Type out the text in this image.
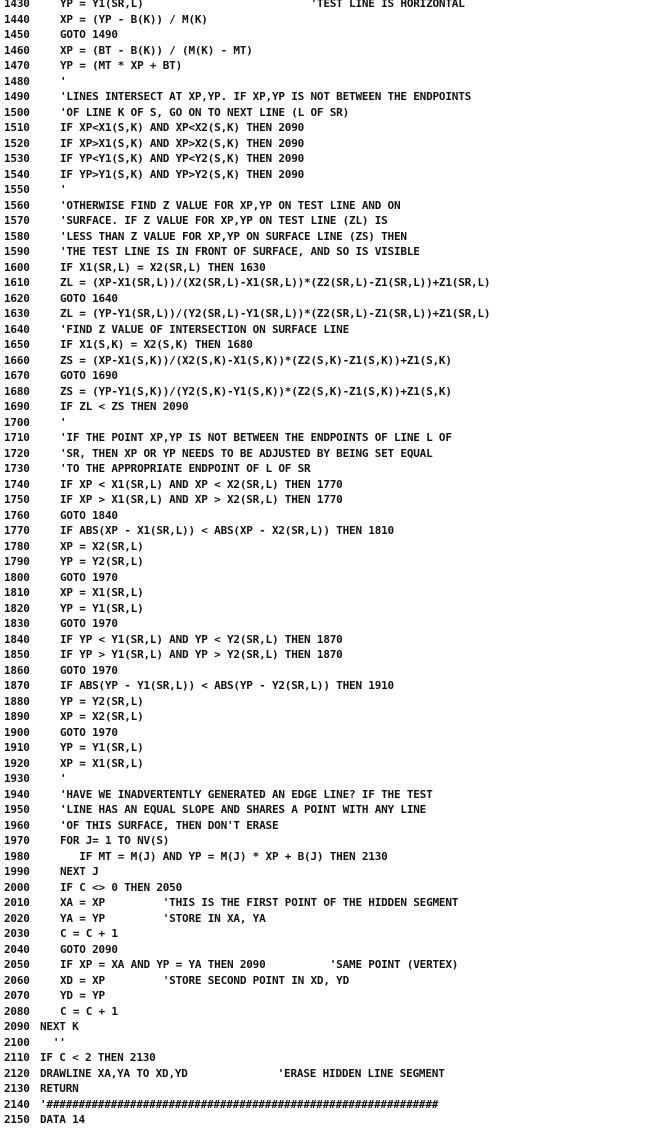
1430	YP = Y1(SR,L)                          'TEST LINE IS HORIZONTAL
1440	XP = (YP - B(K)) / M(K)
1450	GOTO 1490
1460	XP = (BT - B(K)) / (M(K) - MT)
1470	YP = (MT * XP + BT)
1480	'
1490	'LINES INTERSECT AT XP,YP. IF XP,YP IS NOT BETWEEN THE ENDPOINTS
1500	'OF LINE K OF S, GO ON TO NEXT LINE (L OF SR)
1510	IF XP<X1(S,K) AND XP<X2(S,K) THEN 2090
1520	IF XP>X1(S,K) AND XP>X2(S,K) THEN 2090
1530	IF YP<Y1(S,K) AND YP<Y2(S,K) THEN 2090
1540	IF YP>Y1(S,K) AND YP>Y2(S,K) THEN 2090
1550	'
1560	'OTHERWISE FIND Z VALUE FOR XP,YP ON TEST LINE AND ON
1570	'SURFACE. IF Z VALUE FOR XP,YP ON TEST LINE (ZL) IS
1580	'LESS THAN Z VALUE FOR XP,YP ON SURFACE LINE (ZS) THEN
1590	'THE TEST LINE IS IN FRONT OF SURFACE, AND SO IS VISIBLE
1600	IF X1(SR,L) = X2(SR,L) THEN 1630
1610	ZL = (XP-X1(SR,L))/(X2(SR,L)-X1(SR,L))*(Z2(SR,L)-Z1(SR,L))+Z1(SR,L)
1620	GOTO 1640
1630	ZL = (YP-Y1(SR,L))/(Y2(SR,L)-Y1(SR,L))*(Z2(SR,L)-Z1(SR,L))+Z1(SR,L)
1640	'FIND Z VALUE OF INTERSECTION ON SURFACE LINE
1650	IF X1(S,K) = X2(S,K) THEN 1680
1660	ZS = (XP-X1(S,K))/(X2(S,K)-X1(S,K))*(Z2(S,K)-Z1(S,K))+Z1(S,K)
1670	GOTO 1690
1680	ZS = (YP-Y1(S,K))/(Y2(S,K)-Y1(S,K))*(Z2(S,K)-Z1(S,K))+Z1(S,K)
1690	IF ZL < ZS THEN 2090
1700	'
1710	'IF THE POINT XP,YP IS NOT BETWEEN THE ENDPOINTS OF LINE L OF
1720	'SR, THEN XP OR YP NEEDS TO BE ADJUSTED BY BEING SET EQUAL
1730	'TO THE APPROPRIATE ENDPOINT OF L OF SR
1740	IF XP < X1(SR,L) AND XP < X2(SR,L) THEN 1770
1750	IF XP > X1(SR,L) AND XP > X2(SR,L) THEN 1770
1760	GOTO 1840
1770	IF ABS(XP - X1(SR,L)) < ABS(XP - X2(SR,L)) THEN 1810
1780	XP = X2(SR,L)
1790	YP = Y2(SR,L)
1800	GOTO 1970
1810	XP = X1(SR,L)
1820	YP = Y1(SR,L)
1830	GOTO 1970
1840	IF YP < Y1(SR,L) AND YP < Y2(SR,L) THEN 1870
1850	IF YP > Y1(SR,L) AND YP > Y2(SR,L) THEN 1870
1860	GOTO 1970
1870	IF ABS(YP - Y1(SR,L)) < ABS(YP - Y2(SR,L)) THEN 1910
1880	YP = Y2(SR,L)
1890	XP = X2(SR,L)
1900	GOTO 1970
1910	YP = Y1(SR,L)
1920	XP = X1(SR,L)
1930	'
1940	'HAVE WE INADVERTENTLY GENERATED AN EDGE LINE? IF THE TEST
1950	'LINE HAS AN EQUAL SLOPE AND SHARES A POINT WITH ANY LINE
1960	'OF THIS SURFACE, THEN DON'T ERASE
1970	FOR J= 1 TO NV(S)
1980	IF MT = M(J) AND YP = M(J) * XP + B(J) THEN 2130
1990	NEXT J
2000	IF C <> 0 THEN 2050
2010	XA = XP         'THIS IS THE FIRST POINT OF THE HIDDEN SEGMENT
2020	YA = YP         'STORE IN XA, YA
2030	C = C + 1
2040	GOTO 2090
2050	IF XP = XA AND YP = YA THEN 2090          'SAME POINT (VERTEX)
2060	XD = XP         'STORE SECOND POINT IN XD, YD
2070	YD = YP
2080	C = C + 1
2090 NEXT K
2100 ''
2110 IF C < 2 THEN 2130
2120 DRAWLINE XA,YA TO XD,YD              'ERASE HIDDEN LINE SEGMENT
2130 RETURN
2140 '#############################################################
2150 DATA 14
